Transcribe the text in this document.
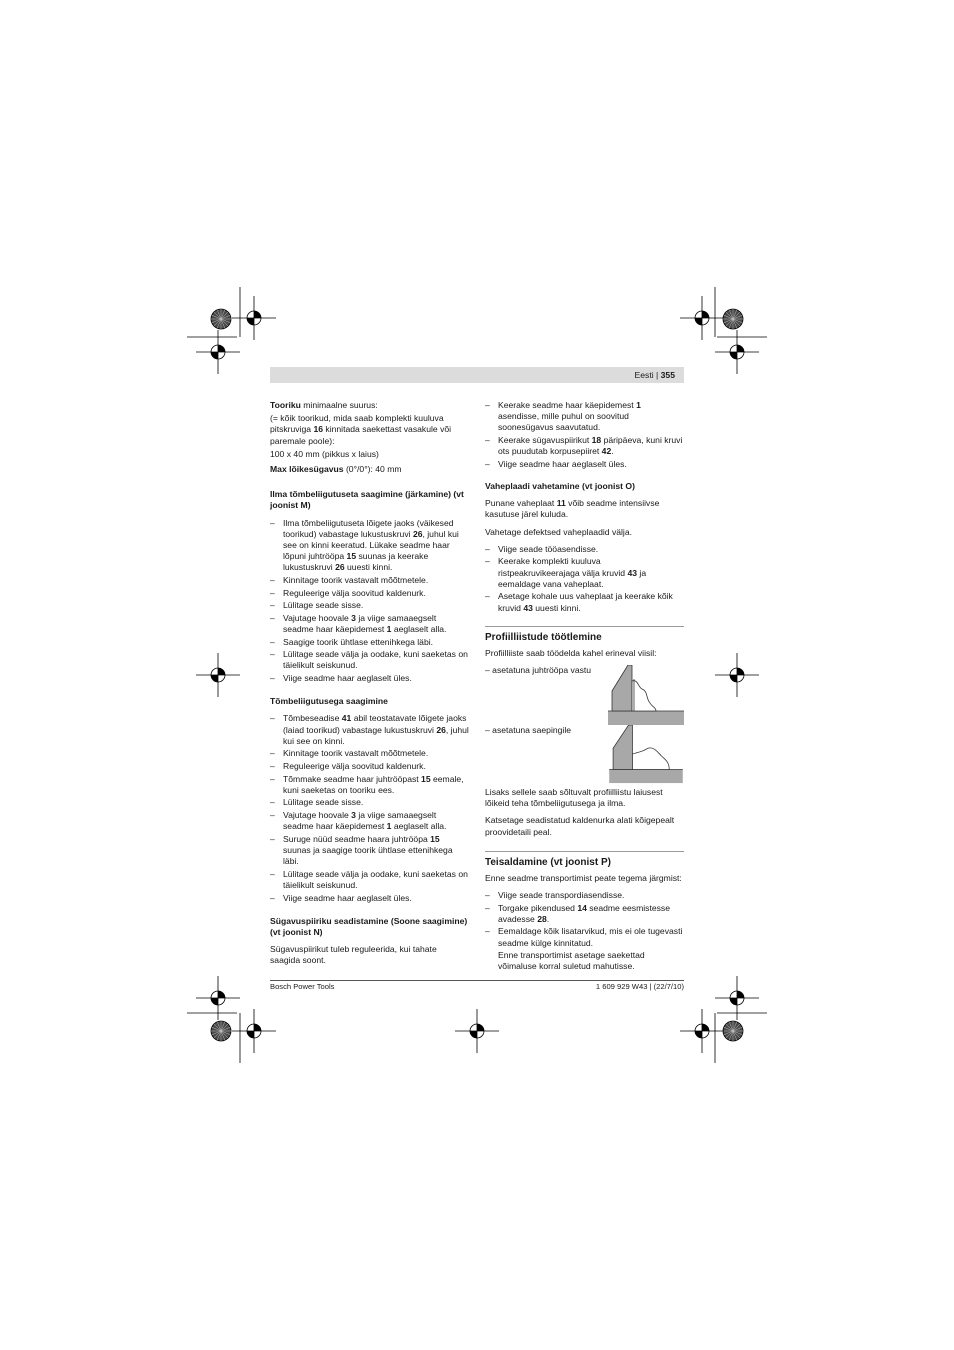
Eesti | 355

Tooriku minimaalne suurus:

(= kõik toorikud, mida saab komplekti kuuluva pitskruviga 16 kinnitada saekettast vasakule või paremale poole):

100 x 40 mm (pikkus x laius)

Max lõikesügavus (0°/0°): 40 mm

Ilma tõmbeliigutuseta saagimine (järkamine) (vt joonist M)
– Ilma tõmbeliigutuseta lõigete jaoks (väikesed toorikud) vabastage lukustuskruvi 26, juhul kui see on kinni keeratud. Lükake seadme haar lõpuni juhtrööpa 15 suunas ja keerake lukustuskruvi 26 uuesti kinni.
– Kinnitage toorik vastavalt mõõtmetele.
– Reguleerige välja soovitud kaldenurk.
– Lülitage seade sisse.
– Vajutage hoovale 3 ja viige samaaegselt seadme haar käepidemest 1 aeglaselt alla.
– Saagige toorik ühtlase ettenihkega läbi.
– Lülitage seade välja ja oodake, kuni saeketas on täielikult seiskunud.
– Viige seadme haar aeglaselt üles.
Tõmbeliigutusega saagimine
– Tõmbeseadise 41 abil teostatavate lõigete jaoks (laiad toorikud) vabastage lukustuskruvi 26, juhul kui see on kinni.
– Kinnitage toorik vastavalt mõõtmetele.
– Reguleerige välja soovitud kaldenurk.
– Tõmmake seadme haar juhtrööpast 15 eemale, kuni saeketas on tooriku ees.
– Lülitage seade sisse.
– Vajutage hoovale 3 ja viige samaaegselt seadme haar käepidemest 1 aeglaselt alla.
– Suruge nüüd seadme haara juhtrööpa 15 suunas ja saagige toorik ühtlase ettenihkega läbi.
– Lülitage seade välja ja oodake, kuni saeketas on täielikult seiskunud.
– Viige seadme haar aeglaselt üles.
Sügavuspiiriku seadistamine (Soone saagimine) (vt joonist N)

Sügavuspiirikut tuleb reguleerida, kui tahate saagida soont.

– Keerake seadme haar käepidemest 1 asendisse, mille puhul on soovitud soonesügavus saavutatud.
– Keerake sügavuspiirikut 18 päripäeva, kuni kruvi ots puudutab korpusepiiret 42.
– Viige seadme haar aeglaselt üles.
Vaheplaadi vahetamine (vt joonist O)

Punane vaheplaat 11 võib seadme intensiivse kasutuse järel kuluda.

Vahetage defektsed vaheplaadid välja.

– Viige seade tööasendisse.
– Keerake komplekti kuuluva ristpeakruvikeerajaga välja kruvid 43 ja eemaldage vana vaheplaat.
– Asetage kohale uus vaheplaat ja keerake kõik kruvid 43 uuesti kinni.
Profiilliistude töötlemine

Profiilliiste saab töödelda kahel erineval viisil:

– asetatuna juhtrööpa vastu
– asetatuna saepingile

Lisaks sellele saab sõltuvalt profiilliistu laiusest lõikeid teha tõmbeliigutusega ja ilma.

Katsetage seadistatud kaldenurka alati kõigepealt proovidetaili peal.

Teisaldamine (vt joonist P)

Enne seadme transportimist peate tegema järgmist:

– Viige seade transpordiasendisse.
– Torgake pikendused 14 seadme eesmistesse avadesse 28.
– Eemaldage kõik lisatarvikud, mis ei ole tugevasti seadme külge kinnitatud.
Enne transportimist asetage saekettad võimaluse korral suletud mahutisse.
Bosch Power Tools	1 609 929 W43 | (22/7/10)
